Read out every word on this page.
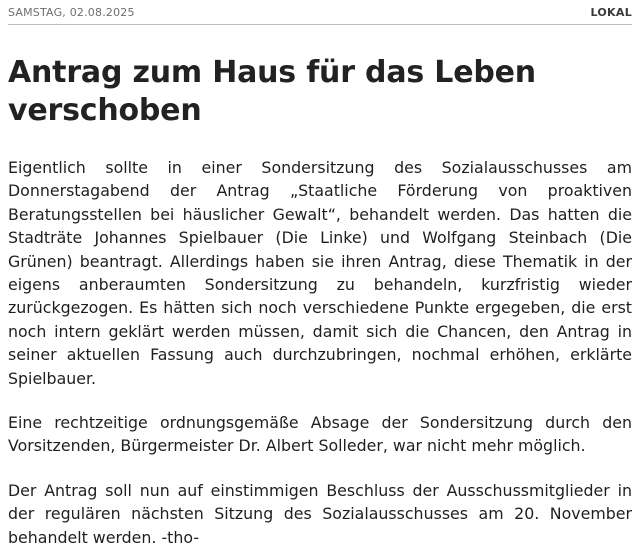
SAMSTAG, 02.08.2025	LOKAL
Antrag zum Haus für das Leben verschoben

Eigentlich sollte in einer Sondersitzung des Sozialausschusses am Donnerstagabend der Antrag „Staatliche Förderung von proaktiven Beratungsstellen bei häuslicher Gewalt“, behandelt werden. Das hatten die Stadträte Johannes Spielbauer (Die Linke) und Wolfgang Steinbach (Die Grünen) beantragt. Allerdings haben sie ihren Antrag, diese Thematik in der eigens anberaumten Sondersitzung zu behandeln, kurzfristig wieder zurückgezogen. Es hätten sich noch verschiedene Punkte ergegeben, die erst noch intern geklärt werden müssen, damit sich die Chancen, den Antrag in seiner aktuellen Fassung auch durchzubringen, nochmal erhöhen, erklärte Spielbauer.

Eine rechtzeitige ordnungsgemäße Absage der Sondersitzung durch den Vorsitzenden, Bürgermeister Dr. Albert Solleder, war nicht mehr möglich.

Der Antrag soll nun auf einstimmigen Beschluss der Ausschussmitglieder in der regulären nächsten Sitzung des Sozialausschusses am 20. November behandelt werden. -tho-
